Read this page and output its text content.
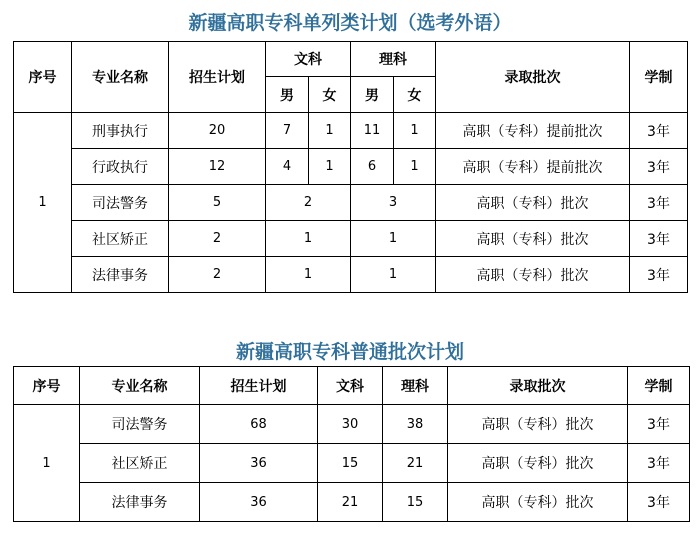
新疆高职专科单列类计划（选考外语）
序号	专业名称	招生计划	文科		理科		录取批次	学制
			男	女	男	女		
1	刑事执行	20	7	1	11	1	高职（专科）提前批次	3年
	行政执行	12	4	1	6	1	高职（专科）提前批次	3年
	司法警务	5	2		3		高职（专科）批次	3年
	社区矫正	2	1		1		高职（专科）批次	3年
	法律事务	2	1		1		高职（专科）批次	3年
新疆高职专科普通批次计划
序号	专业名称	招生计划	文科	理科	录取批次	学制
1	司法警务	68	30	38	高职（专科）批次	3年
	社区矫正	36	15	21	高职（专科）批次	3年
	法律事务	36	21	15	高职（专科）批次	3年
